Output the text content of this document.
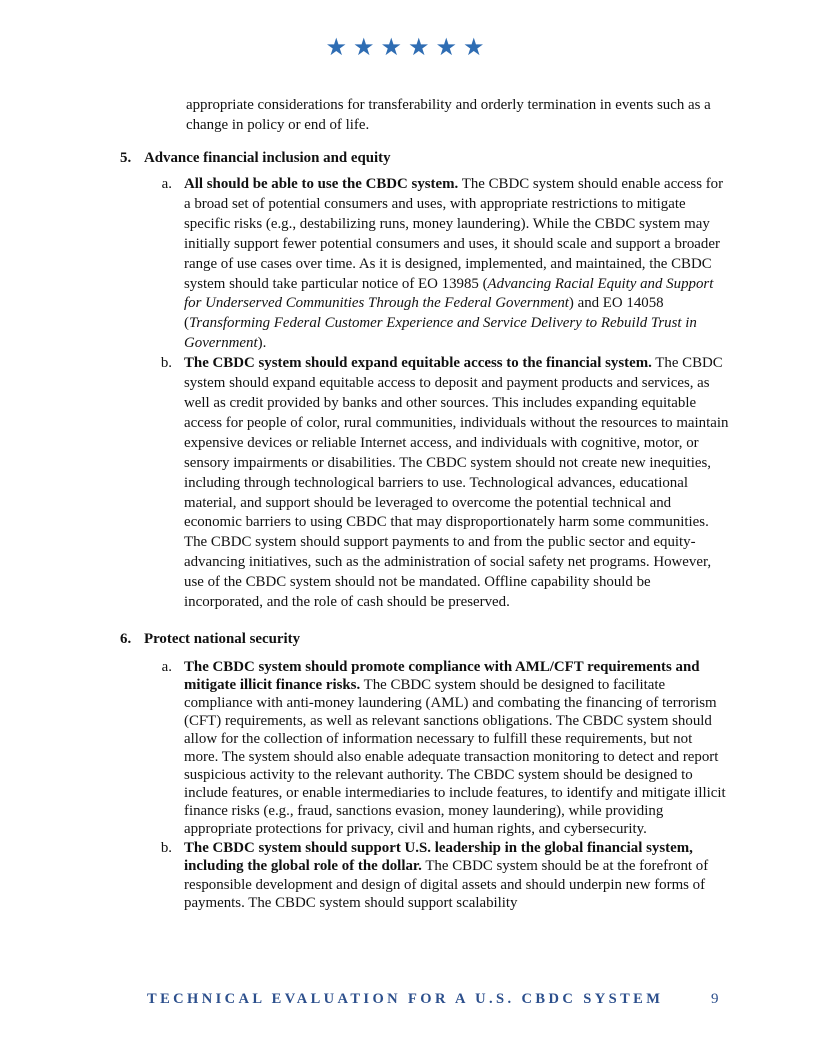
★★★★★★

appropriate considerations for transferability and orderly termination in events such as a change in policy or end of life.

5. Advance financial inclusion and equity
a. All should be able to use the CBDC system. The CBDC system should enable access for a broad set of potential consumers and uses, with appropriate restrictions to mitigate specific risks (e.g., destabilizing runs, money laundering). While the CBDC system may initially support fewer potential consumers and uses, it should scale and support a broader range of use cases over time. As it is designed, implemented, and maintained, the CBDC system should take particular notice of EO 13985 (Advancing Racial Equity and Support for Underserved Communities Through the Federal Government) and EO 14058 (Transforming Federal Customer Experience and Service Delivery to Rebuild Trust in Government).

b. The CBDC system should expand equitable access to the financial system. The CBDC system should expand equitable access to deposit and payment products and services, as well as credit provided by banks and other sources. This includes expanding equitable access for people of color, rural communities, individuals without the resources to maintain expensive devices or reliable Internet access, and individuals with cognitive, motor, or sensory impairments or disabilities. The CBDC system should not create new inequities, including through technological barriers to use. Technological advances, educational material, and support should be leveraged to overcome the potential technical and economic barriers to using CBDC that may disproportionately harm some communities. The CBDC system should support payments to and from the public sector and equity-advancing initiatives, such as the administration of social safety net programs. However, use of the CBDC system should not be mandated. Offline capability should be incorporated, and the role of cash should be preserved.

6. Protect national security
a. The CBDC system should promote compliance with AML/CFT requirements and mitigate illicit finance risks. The CBDC system should be designed to facilitate compliance with anti-money laundering (AML) and combating the financing of terrorism (CFT) requirements, as well as relevant sanctions obligations. The CBDC system should allow for the collection of information necessary to fulfill these requirements, but not more. The system should also enable adequate transaction monitoring to detect and report suspicious activity to the relevant authority. The CBDC system should be designed to include features, or enable intermediaries to include features, to identify and mitigate illicit finance risks (e.g., fraud, sanctions evasion, money laundering), while providing appropriate protections for privacy, civil and human rights, and cybersecurity.

b. The CBDC system should support U.S. leadership in the global financial system, including the global role of the dollar. The CBDC system should be at the forefront of responsible development and design of digital assets and should underpin new forms of payments. The CBDC system should support scalability

TECHNICAL EVALUATION FOR A U.S. CBDC SYSTEM	9
